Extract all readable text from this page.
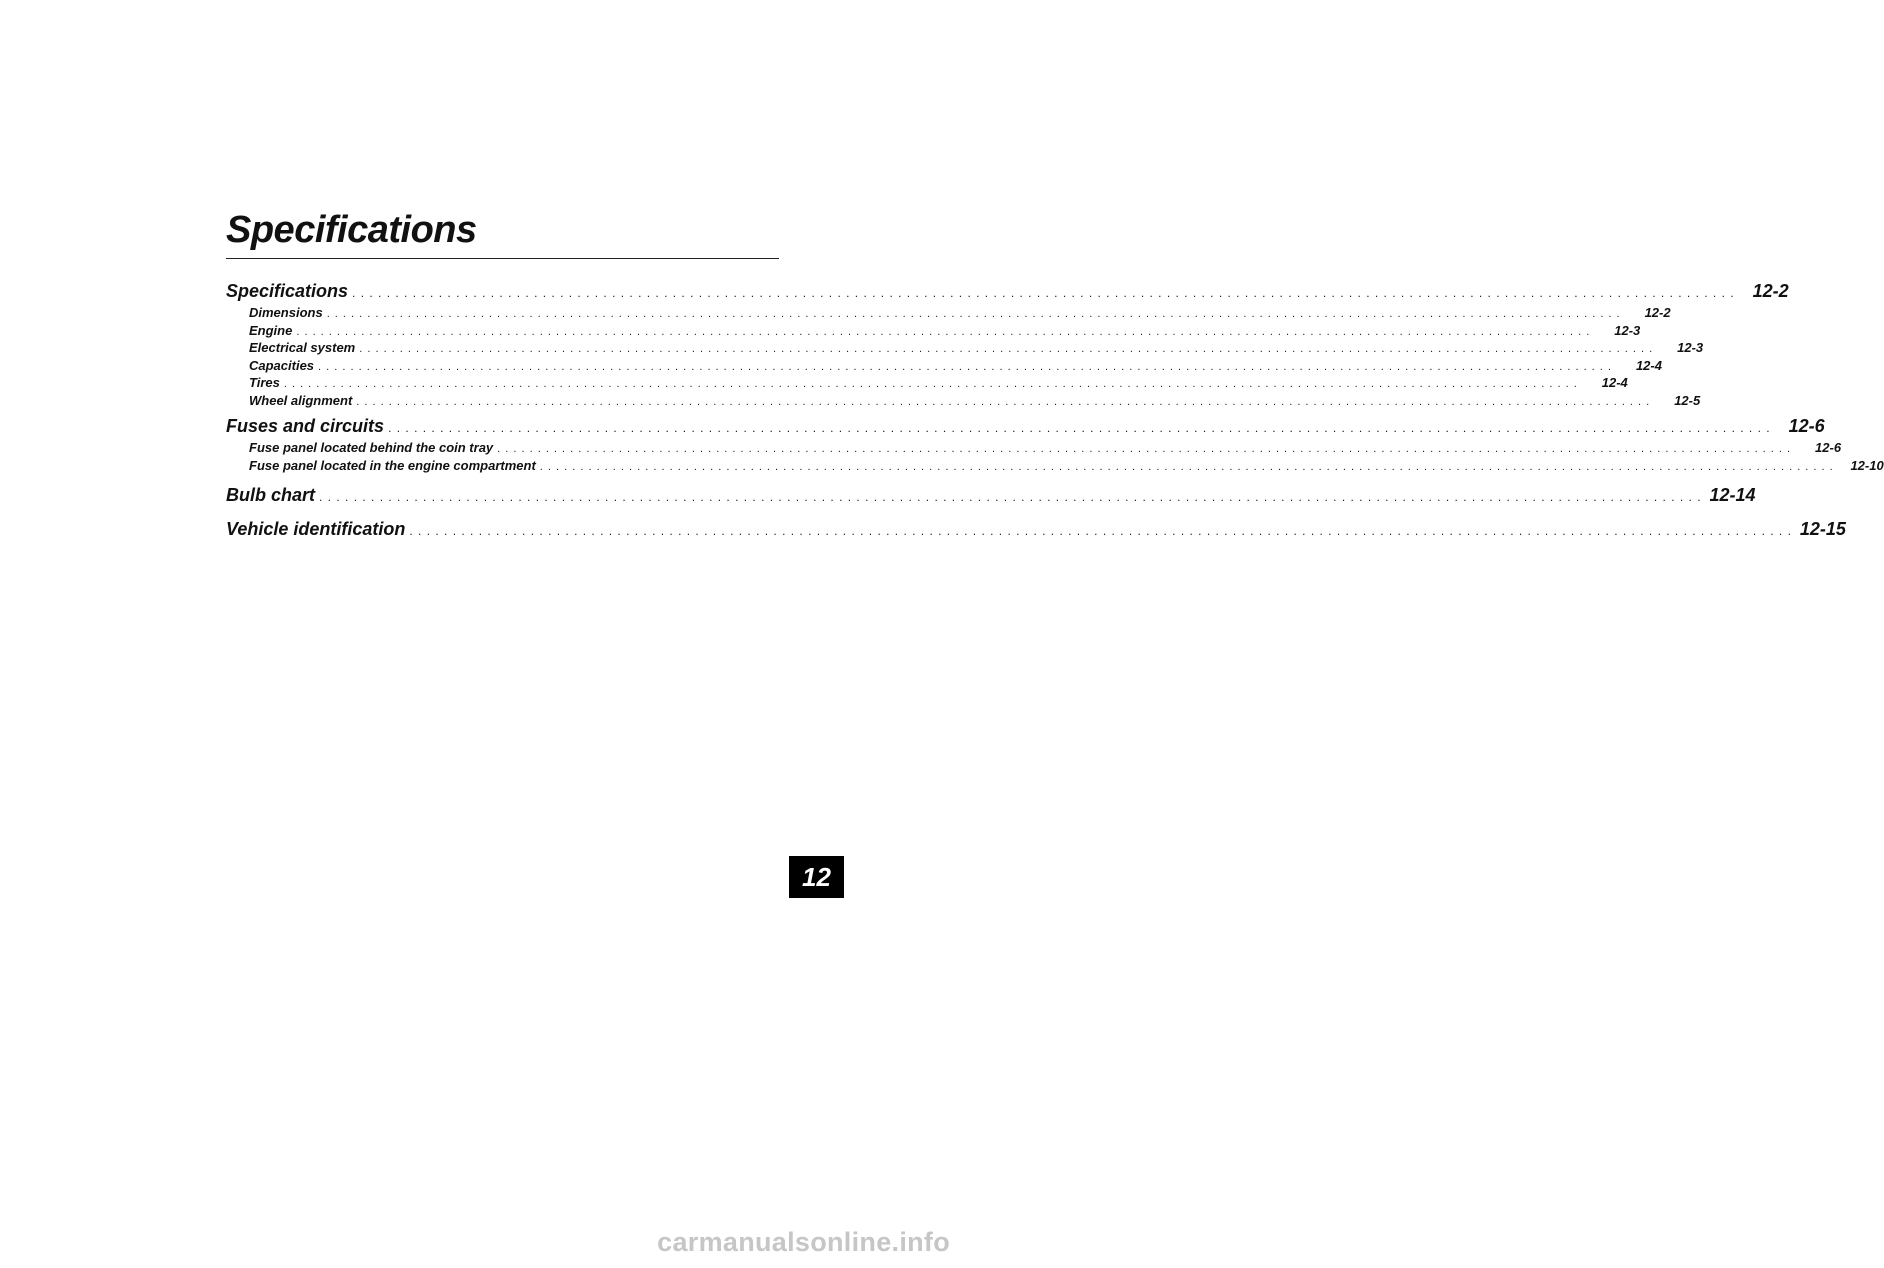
Specifications
Specifications . . . . . . . . . . . . . . . . . . . . . . . . . . . . . . . . . . . . . . . . . . . . . . . . . . . . . . . . . . . . . . . . . . . . . . . . . . . . . . . . . . . . . . . . . . . . . . . . . . . . . . . . . . . . . . . . . . . . . . . . . . . . . . . . . . . . . . . . . . . . . . . . . . . . . . . . . . . . . . . . 12-2
Dimensions . . . . . . . . . . . . . . . . . . . . . . . . . . . . . . . . . . . . . . . . . . . . . . . . . . . . . . . . . . . . . . . . . . . . . . . . . . . . . . . . . . . . . . . . . . . . . . . . . . . . . . . . . . . . . . . . . . . . . . . . . . . . . . . . . . . . . . . . . . . . . . . . . . . . . . . . . . . . . . . .	12-2
Engine . . . . . . . . . . . . . . . . . . . . . . . . . . . . . . . . . . . . . . . . . . . . . . . . . . . . . . . . . . . . . . . . . . . . . . . . . . . . . . . . . . . . . . . . . . . . . . . . . . . . . . . . . . . . . . . . . . . . . . . . . . . . . . . . . . . . . . . . . . . . . . . . . . . . . . . . . . . . . . . .	12-3
Electrical system . . . . . . . . . . . . . . . . . . . . . . . . . . . . . . . . . . . . . . . . . . . . . . . . . . . . . . . . . . . . . . . . . . . . . . . . . . . . . . . . . . . . . . . . . . . . . . . . . . . . . . . . . . . . . . . . . . . . . . . . . . . . . . . . . . . . . . . . . . . . . . . . . . . . . . . . . . . . . . . .	12-3
Capacities . . . . . . . . . . . . . . . . . . . . . . . . . . . . . . . . . . . . . . . . . . . . . . . . . . . . . . . . . . . . . . . . . . . . . . . . . . . . . . . . . . . . . . . . . . . . . . . . . . . . . . . . . . . . . . . . . . . . . . . . . . . . . . . . . . . . . . . . . . . . . . . . . . . . . . . . . . . . . . . .	12-4
Tires . . . . . . . . . . . . . . . . . . . . . . . . . . . . . . . . . . . . . . . . . . . . . . . . . . . . . . . . . . . . . . . . . . . . . . . . . . . . . . . . . . . . . . . . . . . . . . . . . . . . . . . . . . . . . . . . . . . . . . . . . . . . . . . . . . . . . . . . . . . . . . . . . . . . . . . . . . . . . . . .	12-4
Wheel alignment . . . . . . . . . . . . . . . . . . . . . . . . . . . . . . . . . . . . . . . . . . . . . . . . . . . . . . . . . . . . . . . . . . . . . . . . . . . . . . . . . . . . . . . . . . . . . . . . . . . . . . . . . . . . . . . . . . . . . . . . . . . . . . . . . . . . . . . . . . . . . . . . . . . . . . . . . . . . . . . .	12-5
Fuses and circuits . . . . . . . . . . . . . . . . . . . . . . . . . . . . . . . . . . . . . . . . . . . . . . . . . . . . . . . . . . . . . . . . . . . . . . . . . . . . . . . . . . . . . . . . . . . . . . . . . . . . . . . . . . . . . . . . . . . . . . . . . . . . . . . . . . . . . . . . . . . . . . . . . . . . . . . . . . . . . . . . 12-6
Fuse panel located behind the coin tray . . . . . . . . . . . . . . . . . . . . . . . . . . . . . . . . . . . . . . . . . . . . . . . . . . . . . . . . . . . . . . . . . . . . . . . . . . . . . . . . . . . . . . . . . . . . . . . . . . . . . . . . . . . . . . . . . . . . . . . . . . . . . . . . . . . . . . . . . . . . . . . . . . . . . . . . . . . . . . . .	12-6
Fuse panel located in the engine compartment . . . . . . . . . . . . . . . . . . . . . . . . . . . . . . . . . . . . . . . . . . . . . . . . . . . . . . . . . . . . . . . . . . . . . . . . . . . . . . . . . . . . . . . . . . . . . . . . . . . . . . . . . . . . . . . . . . . . . . . . . . . . . . . . . . . . . . . . . . . . . . . . . . . . . . . . . . . . . . . .	12-10
Bulb chart . . . . . . . . . . . . . . . . . . . . . . . . . . . . . . . . . . . . . . . . . . . . . . . . . . . . . . . . . . . . . . . . . . . . . . . . . . . . . . . . . . . . . . . . . . . . . . . . . . . . . . . . . . . . . . . . . . . . . . . . . . . . . . . . . . . . . . . . . . . . . . . . . . . . . . . . . . . . . . . . 12-14
Vehicle identification . . . . . . . . . . . . . . . . . . . . . . . . . . . . . . . . . . . . . . . . . . . . . . . . . . . . . . . . . . . . . . . . . . . . . . . . . . . . . . . . . . . . . . . . . . . . . . . . . . . . . . . . . . . . . . . . . . . . . . . . . . . . . . . . . . . . . . . . . . . . . . . . . . . . . . . . . . . . . . . . 12-15
12
carmanualsonline.info
